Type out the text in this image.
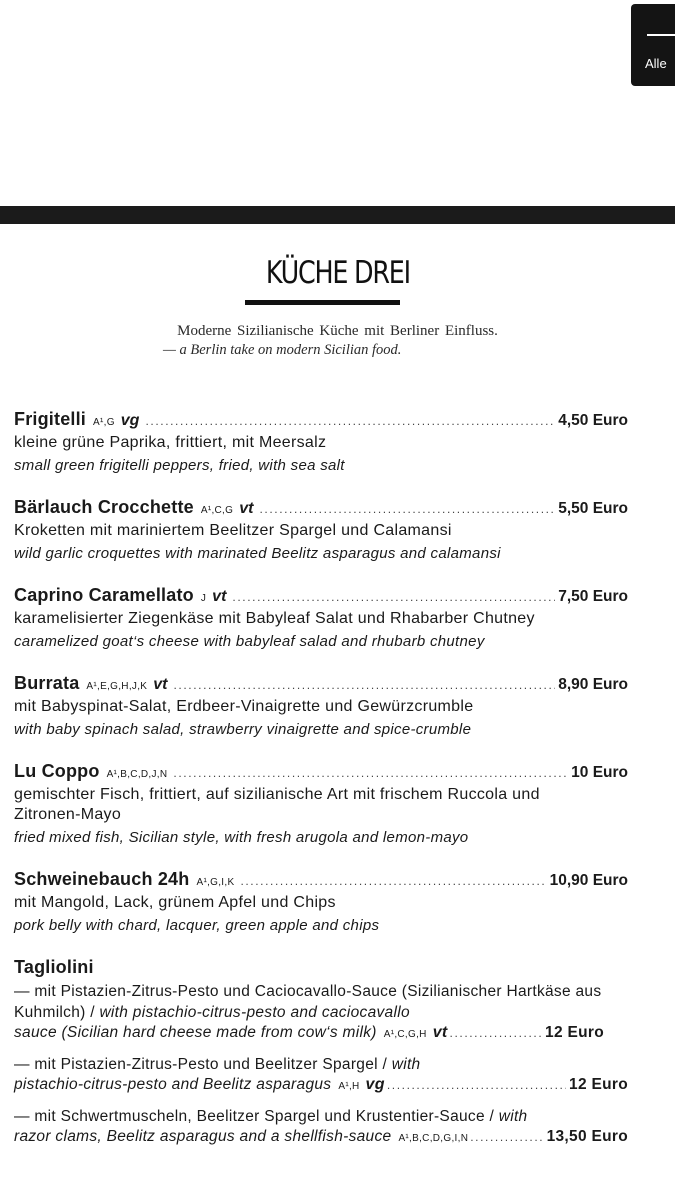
Alle
KÜCHE DREI
Moderne Sizilianische Küche mit Berliner Einfluss.
— a Berlin take on modern Sicilian food.
Frigitelli A¹,G vg .....	4,50 Euro
kleine grüne Paprika, frittiert, mit Meersalz
small green frigitelli peppers, fried, with sea salt
Bärlauch Crocchette A¹,C,G vt .....	5,50 Euro
Kroketten mit mariniertem Beelitzer Spargel und Calamansi
wild garlic croquettes with marinated Beelitz asparagus and calamansi
Caprino Caramellato J vt .....	7,50 Euro
karamelisierter Ziegenkäse mit Babyleaf Salat und Rhabarber Chutney
caramelized goat‘s cheese with babyleaf salad and rhubarb chutney
Burrata A¹,E,G,H,J,K vt .....	8,90 Euro
mit Babyspinat-Salat, Erdbeer-Vinaigrette und Gewürzcrumble
with baby spinach salad, strawberry vinaigrette and spice-crumble
Lu Coppo A¹,B,C,D,J,N .....	10 Euro
gemischter Fisch, frittiert, auf sizilianische Art mit frischem Ruccola und Zitronen-Mayo
fried mixed fish, Sicilian style, with fresh arugola and lemon-mayo
Schweinebauch 24h A¹,G,I,K .....	10,90 Euro
mit Mangold, Lack, grünem Apfel und Chips
pork belly with chard, lacquer, green apple and chips
Tagliolini
— mit Pistazien-Zitrus-Pesto und Caciocavallo-Sauce (Sizilianischer Hartkäse aus Kuhmilch) / with pistachio-citrus-pesto and caciocavallo
sauce (Sicilian hard cheese made from cow‘s milk) A¹,C,G,H vt .....	12 Euro
— mit Pistazien-Zitrus-Pesto und Beelitzer Spargel / with
pistachio-citrus-pesto and Beelitz asparagus A¹,H vg .....	12 Euro
— mit Schwertmuscheln, Beelitzer Spargel und Krustentier-Sauce / with
razor clams, Beelitz asparagus and a shellfish-sauce A¹,B,C,D,G,I,N .....	13,50 Euro
